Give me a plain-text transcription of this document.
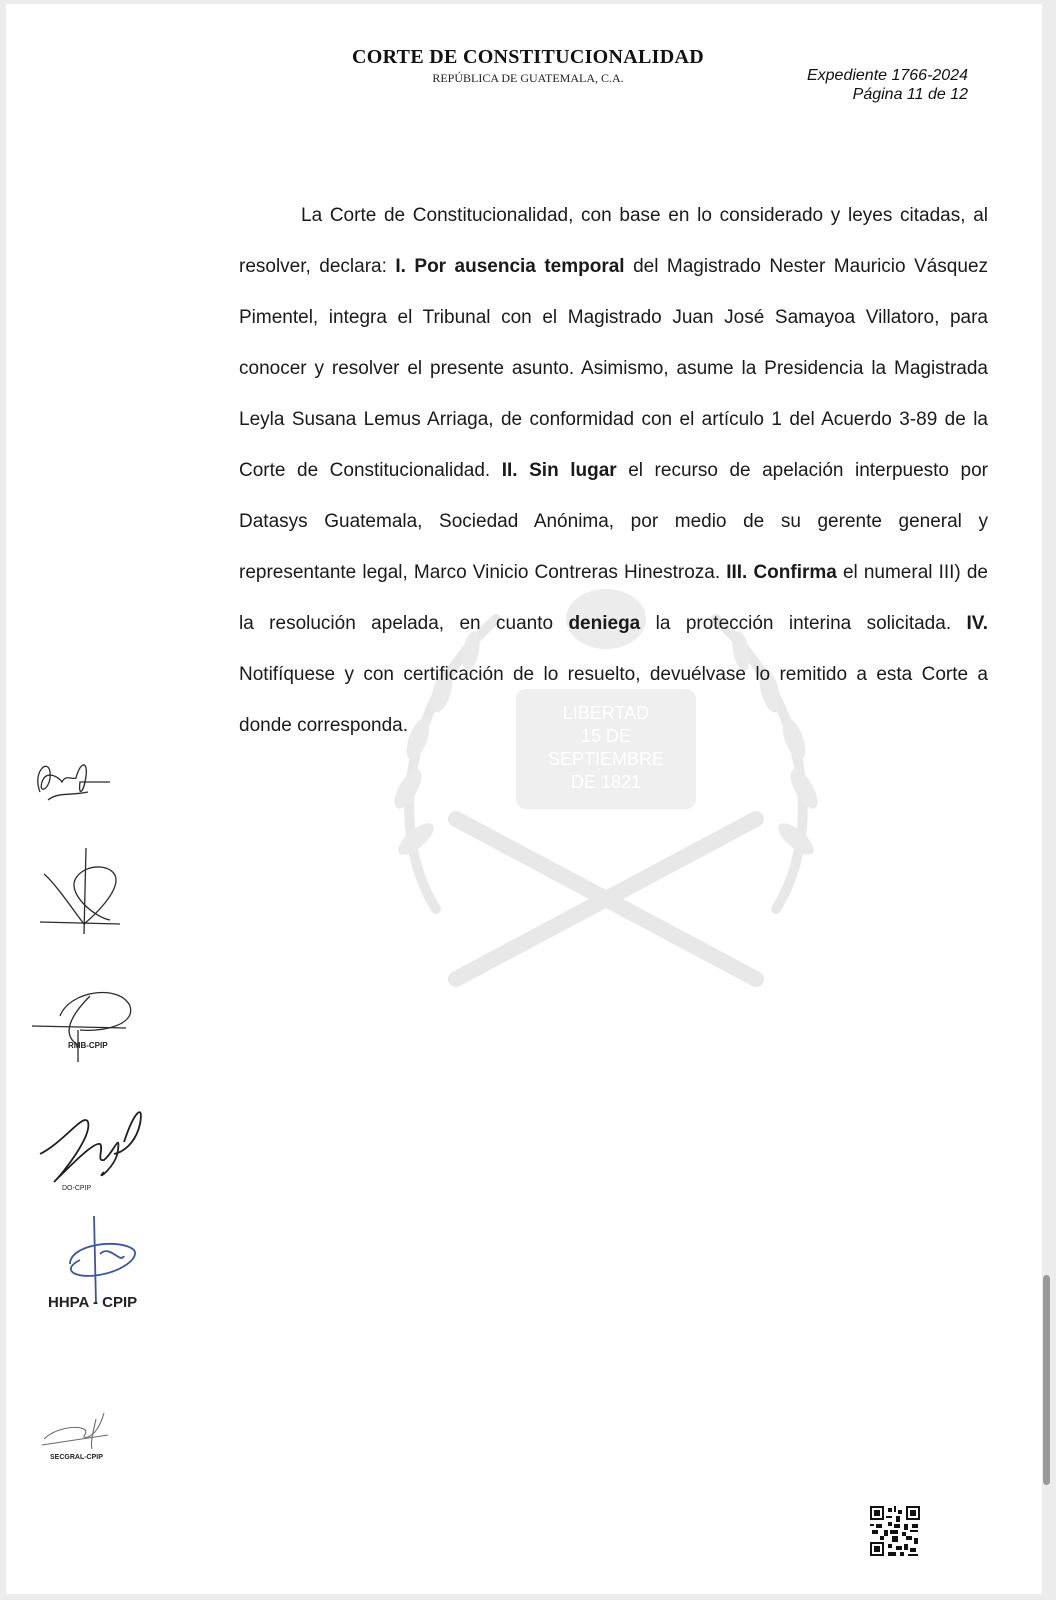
LIBERTAD
15 DE
SEPTIEMBRE
DE 1821
CORTE DE CONSTITUCIONALIDAD
REPÚBLICA DE GUATEMALA, C.A.	Expediente 1766-2024
Página 11 de 12

La Corte de Constitucionalidad, con base en lo considerado y leyes citadas, al resolver, declara: I. Por ausencia temporal del Magistrado Nester Mauricio Vásquez Pimentel, integra el Tribunal con el Magistrado Juan José Samayoa Villatoro, para conocer y resolver el presente asunto. Asimismo, asume la Presidencia la Magistrada Leyla Susana Lemus Arriaga, de conformidad con el artículo 1 del Acuerdo 3-89 de la Corte de Constitucionalidad. II. Sin lugar el recurso de apelación interpuesto por Datasys Guatemala, Sociedad Anónima, por medio de su gerente general y representante legal, Marco Vinicio Contreras Hinestroza. III. Confirma el numeral III) de la resolución apelada, en cuanto deniega la protección interina solicitada. IV. Notifíquese y con certificación de lo resuelto, devuélvase lo remitido a esta Corte a donde corresponda.

RMB-CPIP
DO-CPIP
HHPA - CPIP
SECGRAL-CPIP
